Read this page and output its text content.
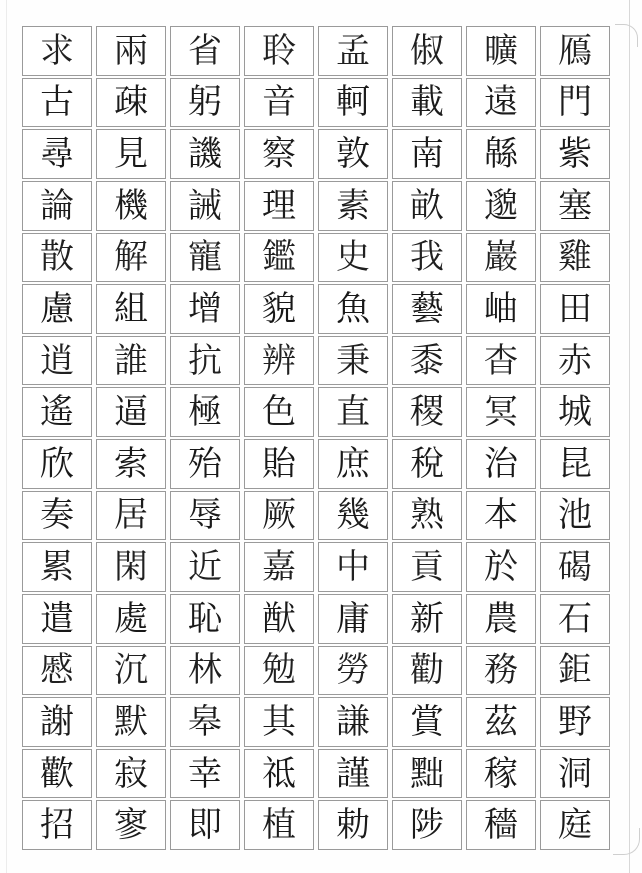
鴈
門
紫
塞
雞
田
赤
城
昆
池
碣
石
鉅
野
洞
庭
曠
遠
緜
邈
巖
岫
杳
冥
治
本
於
農
務
茲
稼
穡
俶
載
南
畝
我
藝
黍
稷
稅
熟
貢
新
勸
賞
黜
陟
孟
軻
敦
素
史
魚
秉
直
庶
幾
中
庸
勞
謙
謹
勅
聆
音
察
理
鑑
貌
辨
色
貽
厥
嘉
猷
勉
其
祗
植
省
躬
譏
誡
寵
增
抗
極
殆
辱
近
恥
林
皋
幸
即
兩
疎
見
機
解
組
誰
逼
索
居
閑
處
沉
默
寂
寥
求
古
尋
論
散
慮
逍
遙
欣
奏
累
遣
慼
謝
歡
招
